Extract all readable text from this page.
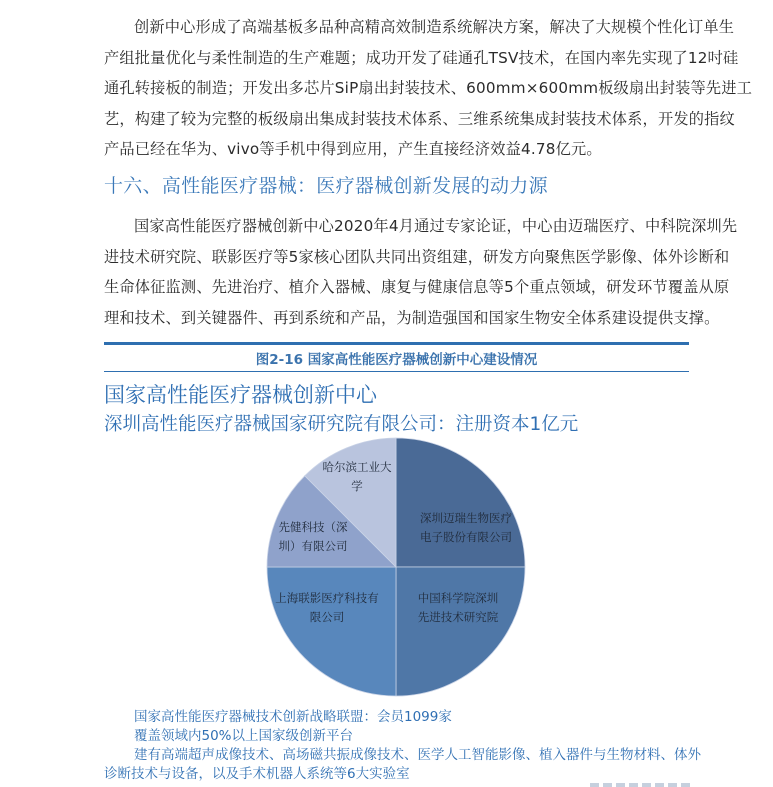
创新中心形成了高端基板多品种高精高效制造系统解决方案，解决了大规模个性化订单生
产组批量优化与柔性制造的生产难题；成功开发了硅通孔TSV技术，在国内率先实现了12吋硅
通孔转接板的制造；开发出多芯片SiP扇出封装技术、600mm×600mm板级扇出封装等先进工
艺，构建了较为完整的板级扇出集成封装技术体系、三维系统集成封装技术体系，开发的指纹
产品已经在华为、vivo等手机中得到应用，产生直接经济效益4.78亿元。
十六、高性能医疗器械：医疗器械创新发展的动力源
国家高性能医疗器械创新中心2020年4月通过专家论证，中心由迈瑞医疗、中科院深圳先
进技术研究院、联影医疗等5家核心团队共同出资组建，研发方向聚焦医学影像、体外诊断和
生命体征监测、先进治疗、植介入器械、康复与健康信息等5个重点领域，研发环节覆盖从原
理和技术、到关键器件、再到系统和产品，为制造强国和国家生物安全体系建设提供支撑。
图2-16 国家高性能医疗器械创新中心建设情况
国家高性能医疗器械创新中心
深圳高性能医疗器械国家研究院有限公司：注册资本1亿元
深圳迈瑞生物医疗
电子股份有限公司
中国科学院深圳
先进技术研究院
上海联影医疗科技有
限公司
先健科技（深
圳）有限公司
哈尔滨工业大
学
国家高性能医疗器械技术创新战略联盟：会员1099家
覆盖领域内50%以上国家级创新平台
建有高端超声成像技术、高场磁共振成像技术、医学人工智能影像、植入器件与生物材料、体外
诊断技术与设备，以及手术机器人系统等6大实验室
